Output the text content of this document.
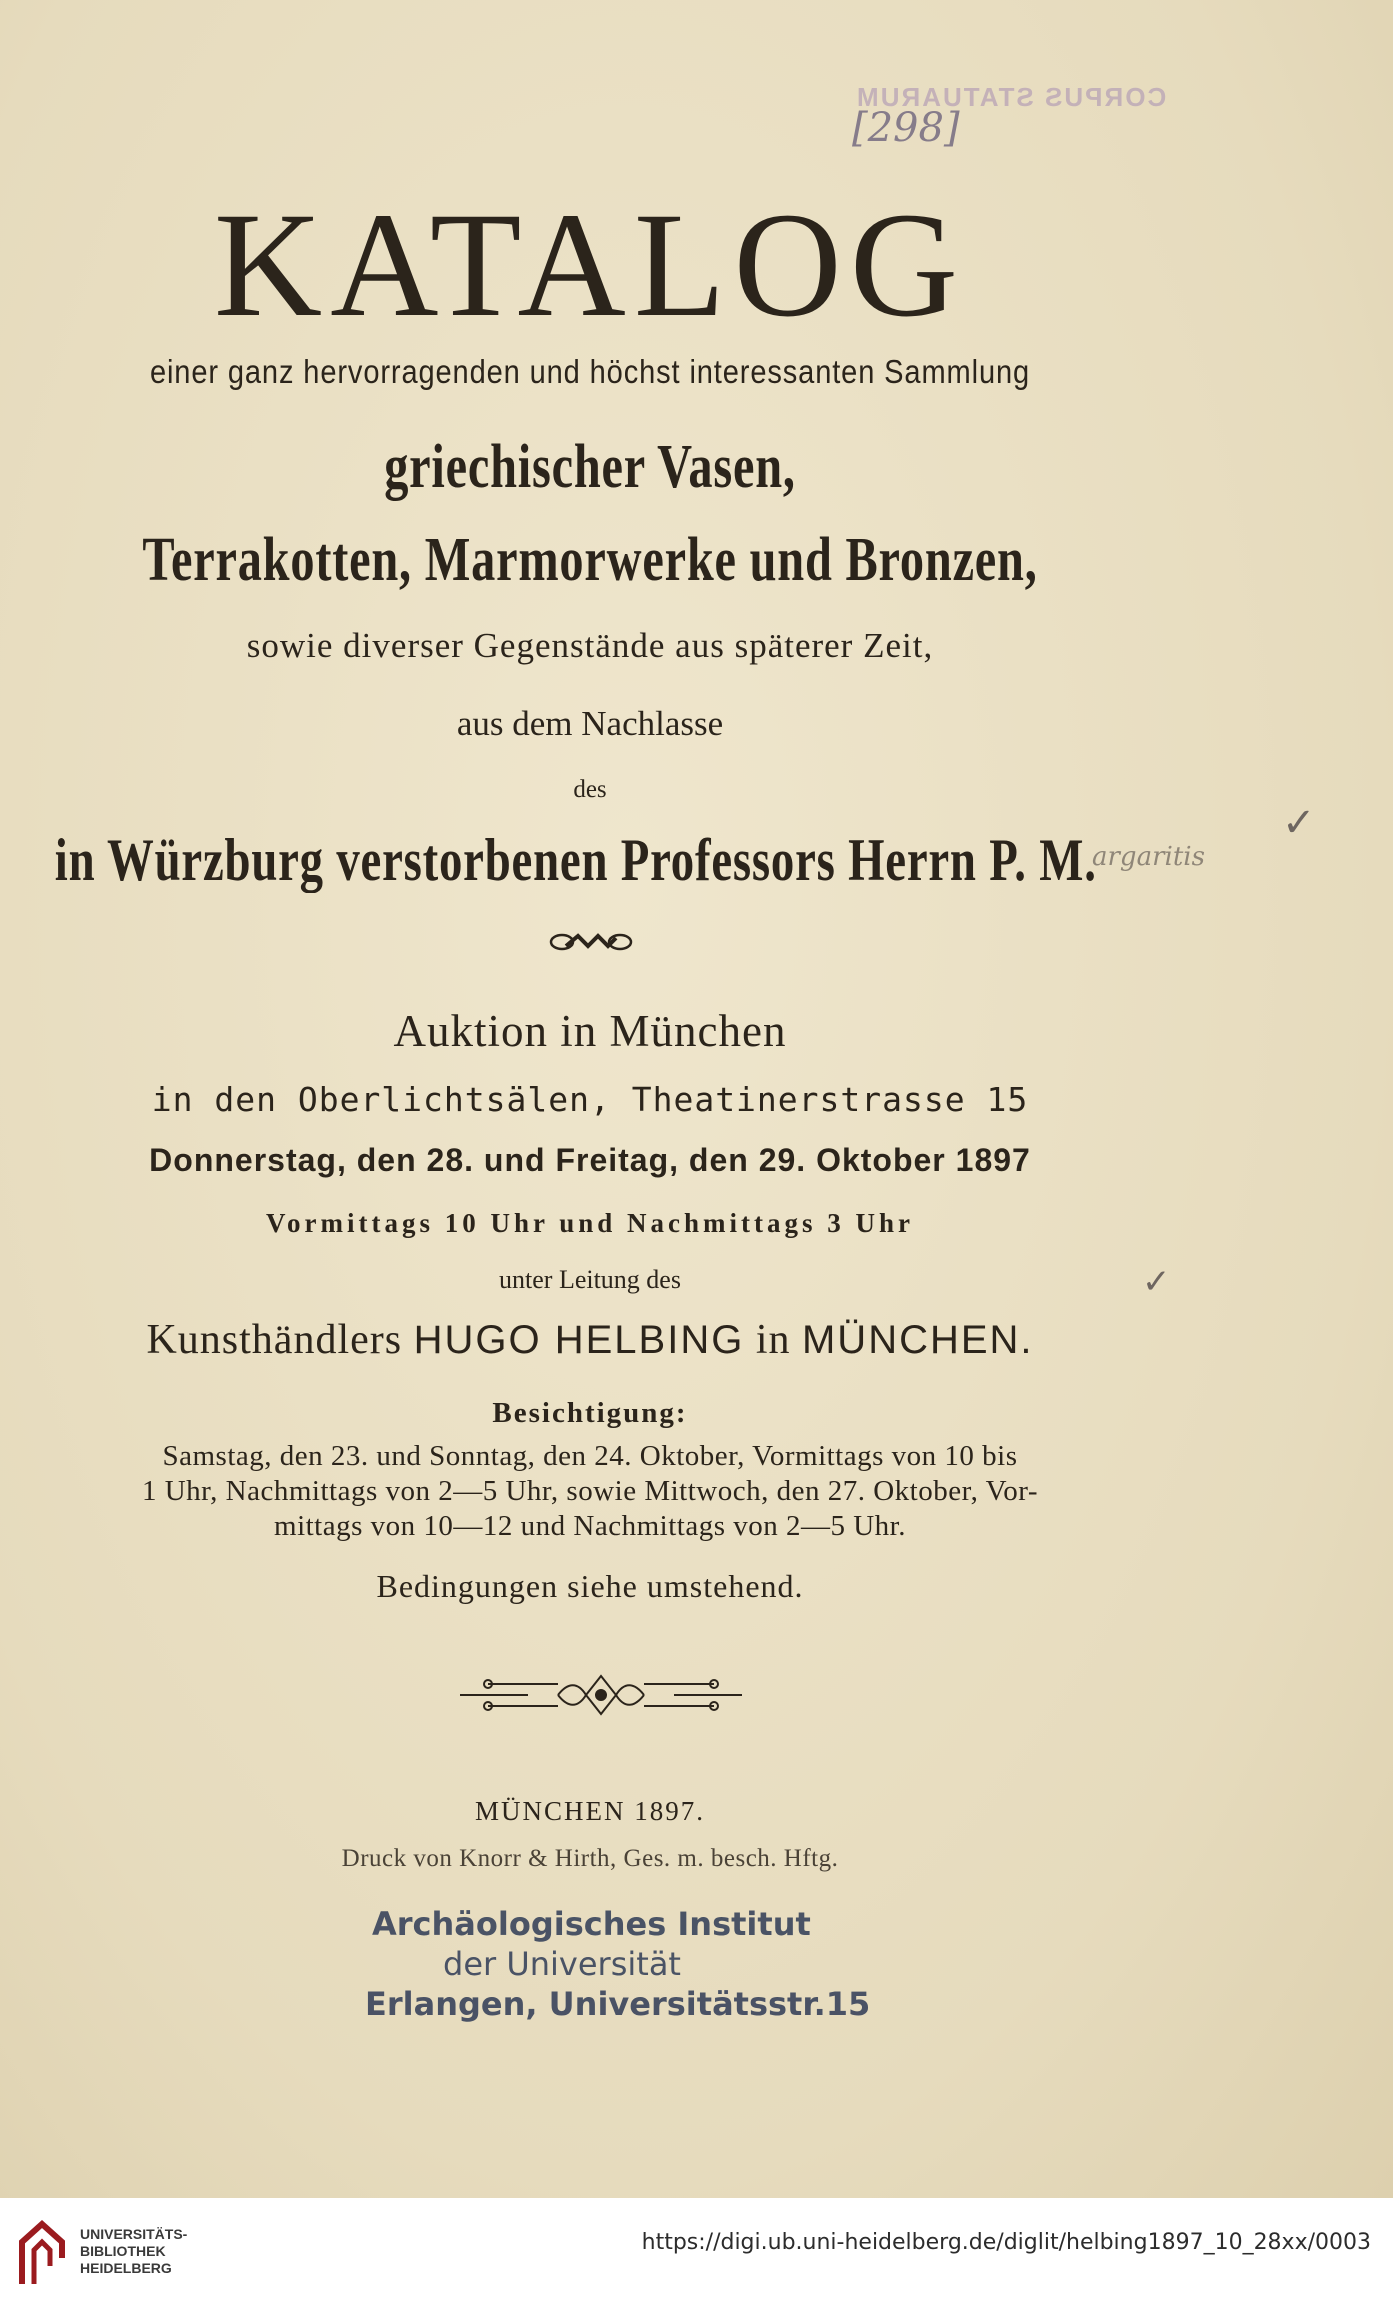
CORPUS STATUARUM
[298]
KATALOG
einer ganz hervorragenden und höchst interessanten Sammlung
griechischer Vasen,
Terrakotten, Marmorwerke und Bronzen,
sowie diverser Gegenstände aus späterer Zeit,
aus dem Nachlasse
des
in Würzburg verstorbenen Professors Herrn P. M.
argaritis
✓
Auktion in München
in den Oberlichtsälen, Theatinerstrasse 15
Donnerstag, den 28. und Freitag, den 29. Oktober 1897
Vormittags 10 Uhr und Nachmittags 3 Uhr
unter Leitung des	✓
Kunsthändlers HUGO HELBING in MÜNCHEN.
Besichtigung:
Samstag, den 23. und Sonntag, den 24. Oktober, Vormittags von 10 bis
1 Uhr, Nachmittags von 2—5 Uhr, sowie Mittwoch, den 27. Oktober, Vor-
mittags von 10—12 und Nachmittags von 2—5 Uhr.
Bedingungen siehe umstehend.
MÜNCHEN 1897.
Druck von Knorr & Hirth, Ges. m. besch. Hftg.
Archäologisches Institut
der Universität
Erlangen, Universitätsstr.15
UNIVERSITÄTS-
BIBLIOTHEK
HEIDELBERG
https://digi.ub.uni-heidelberg.de/diglit/helbing1897_10_28xx/0003
